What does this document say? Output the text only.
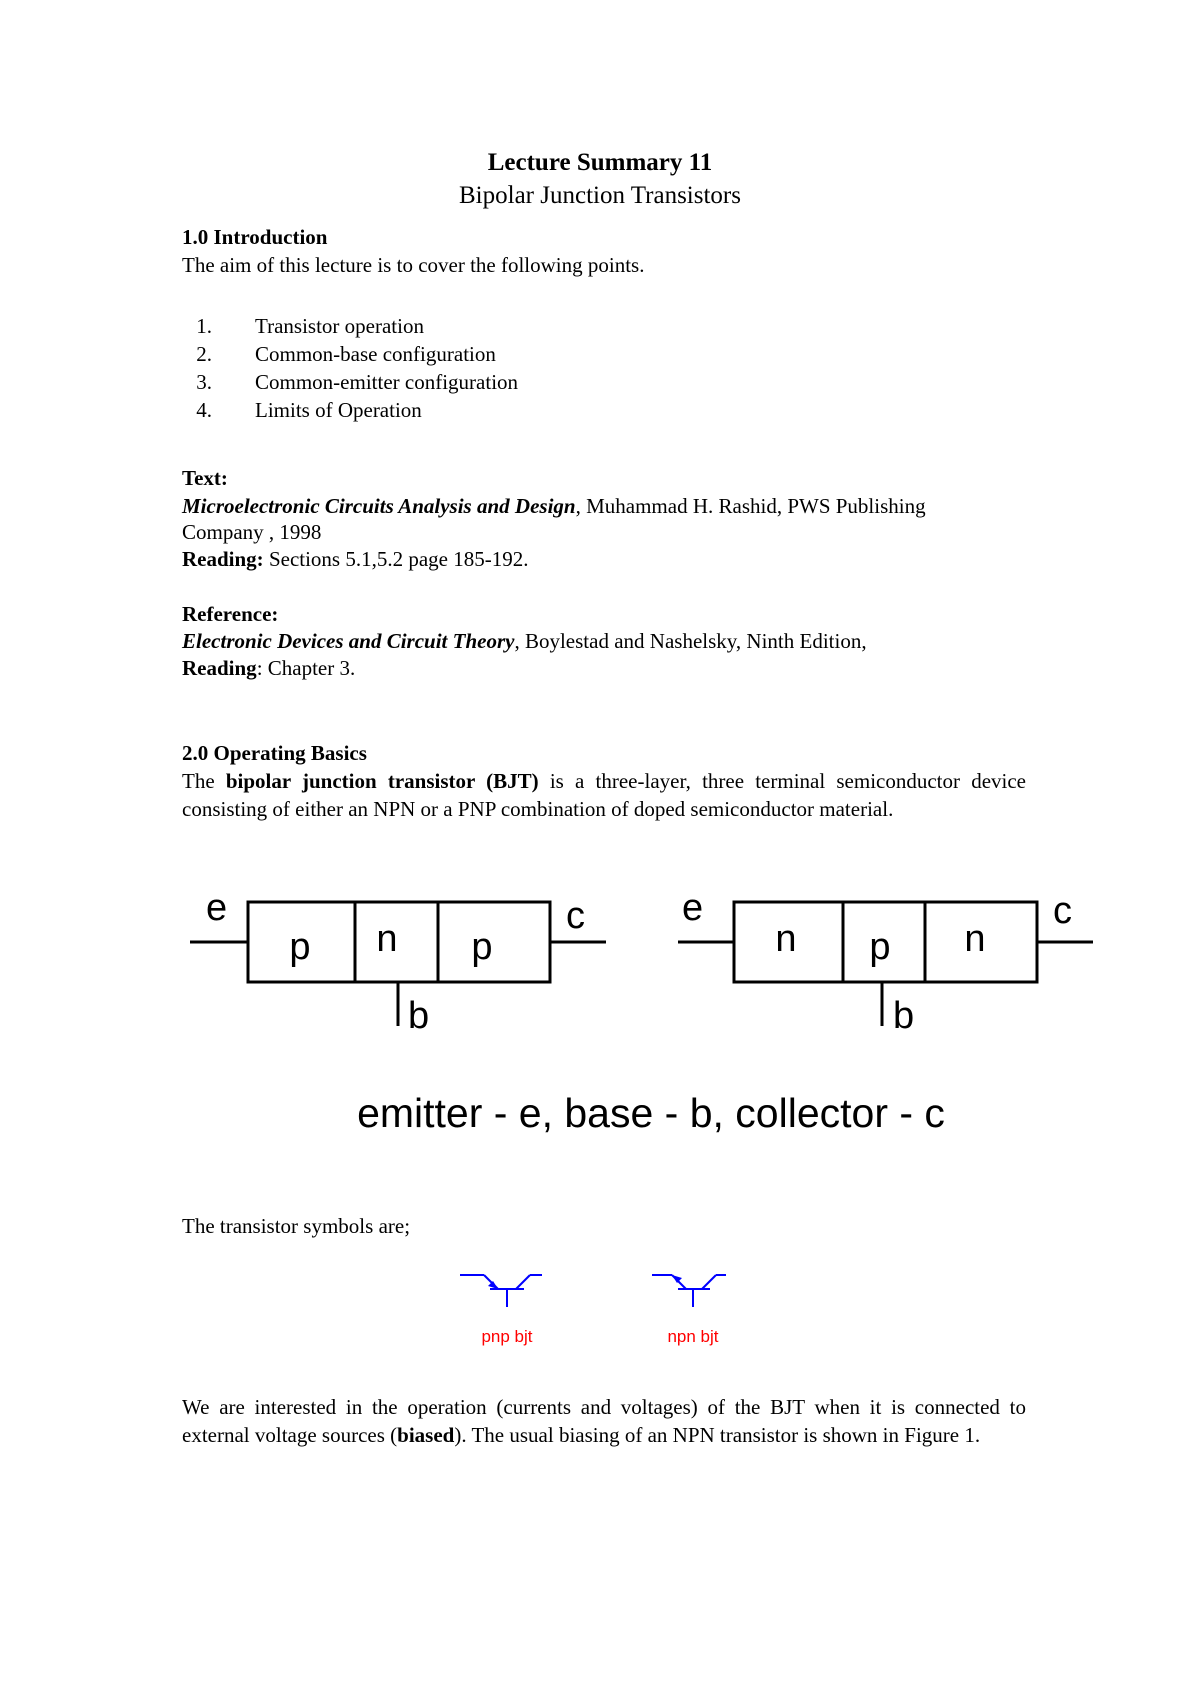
Lecture Summary 11
Bipolar Junction Transistors
1.0 Introduction
The aim of this lecture is to cover the following points.
1. Transistor operation
2. Common-base configuration
3. Common-emitter configuration
4. Limits of Operation
Text:
Microelectronic Circuits Analysis and Design, Muhammad H. Rashid, PWS Publishing
Company , 1998
Reading: Sections 5.1,5.2 page 185-192.
Reference:
Electronic Devices and Circuit Theory, Boylestad and Nashelsky, Ninth Edition,
Reading: Chapter 3.
2.0 Operating Basics
The bipolar junction transistor (BJT) is a three-layer, three terminal semiconductor device consisting of either an NPN or a PNP combination of doped semiconductor material.
e	c
b
p n p
e	c
b
n p n
emitter - e, base - b, collector - c
The transistor symbols are;
pnp bjt	npn bjt
We are interested in the operation (currents and voltages) of the BJT when it is connected to external voltage sources (biased). The usual biasing of an NPN transistor is shown in Figure 1.
